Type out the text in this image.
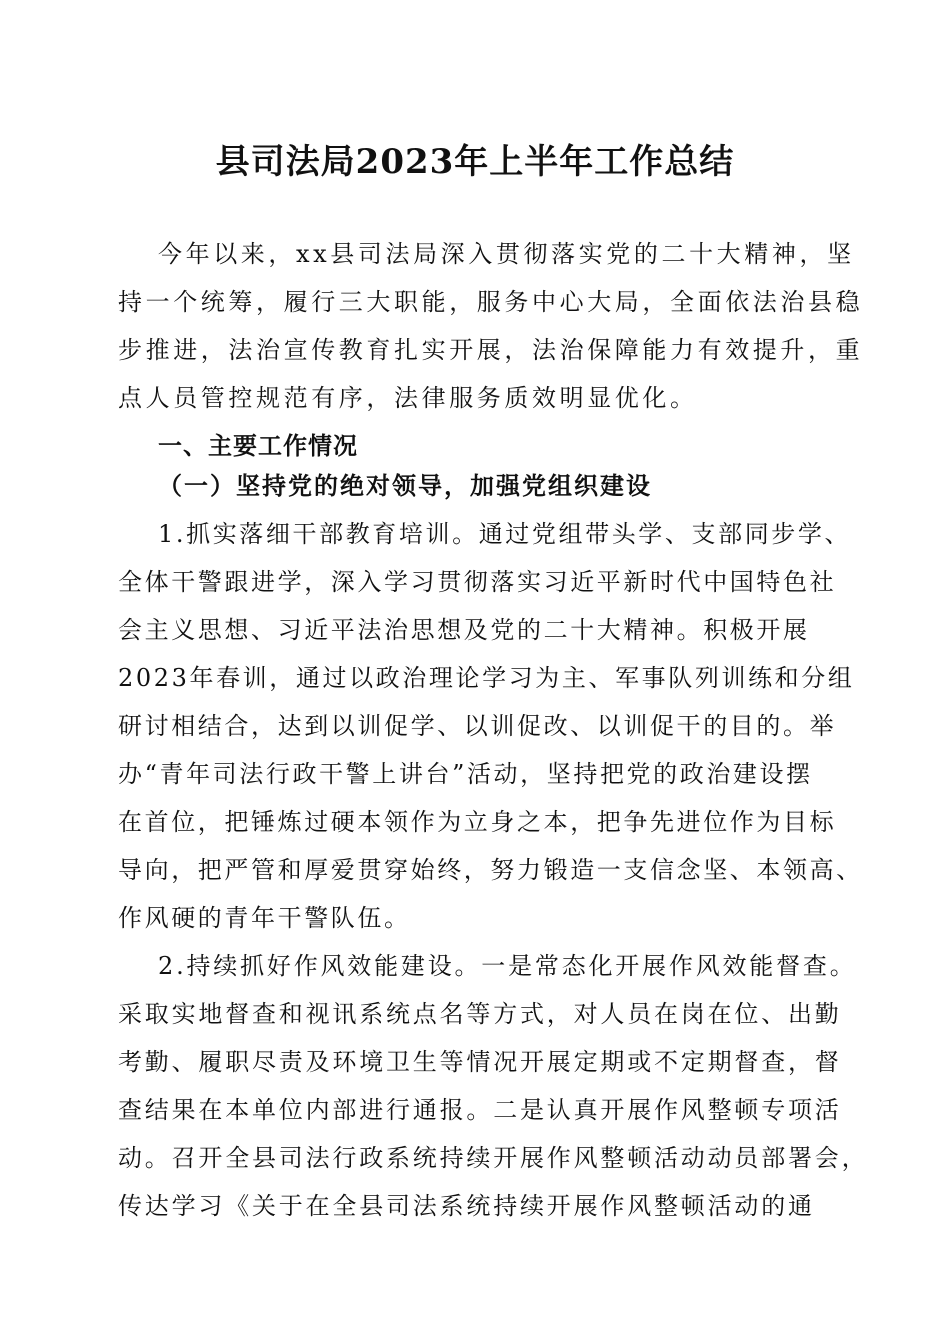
县司法局2023年上半年工作总结
今年以来，xx县司法局深入贯彻落实党的二十大精神，坚
持一个统筹，履行三大职能，服务中心大局，全面依法治县稳
步推进，法治宣传教育扎实开展，法治保障能力有效提升，重
点人员管控规范有序，法律服务质效明显优化。
一、主要工作情况
（一）坚持党的绝对领导，加强党组织建设
1.抓实落细干部教育培训。通过党组带头学、支部同步学、
全体干警跟进学，深入学习贯彻落实习近平新时代中国特色社
会主义思想、习近平法治思想及党的二十大精神。积极开展
2023年春训，通过以政治理论学习为主、军事队列训练和分组
研讨相结合，达到以训促学、以训促改、以训促干的目的。举
办“青年司法行政干警上讲台”活动，坚持把党的政治建设摆
在首位，把锤炼过硬本领作为立身之本，把争先进位作为目标
导向，把严管和厚爱贯穿始终，努力锻造一支信念坚、本领高、
作风硬的青年干警队伍。
2.持续抓好作风效能建设。一是常态化开展作风效能督查。
采取实地督查和视讯系统点名等方式，对人员在岗在位、出勤
考勤、履职尽责及环境卫生等情况开展定期或不定期督查，督
查结果在本单位内部进行通报。二是认真开展作风整顿专项活
动。召开全县司法行政系统持续开展作风整顿活动动员部署会，
传达学习《关于在全县司法系统持续开展作风整顿活动的通
